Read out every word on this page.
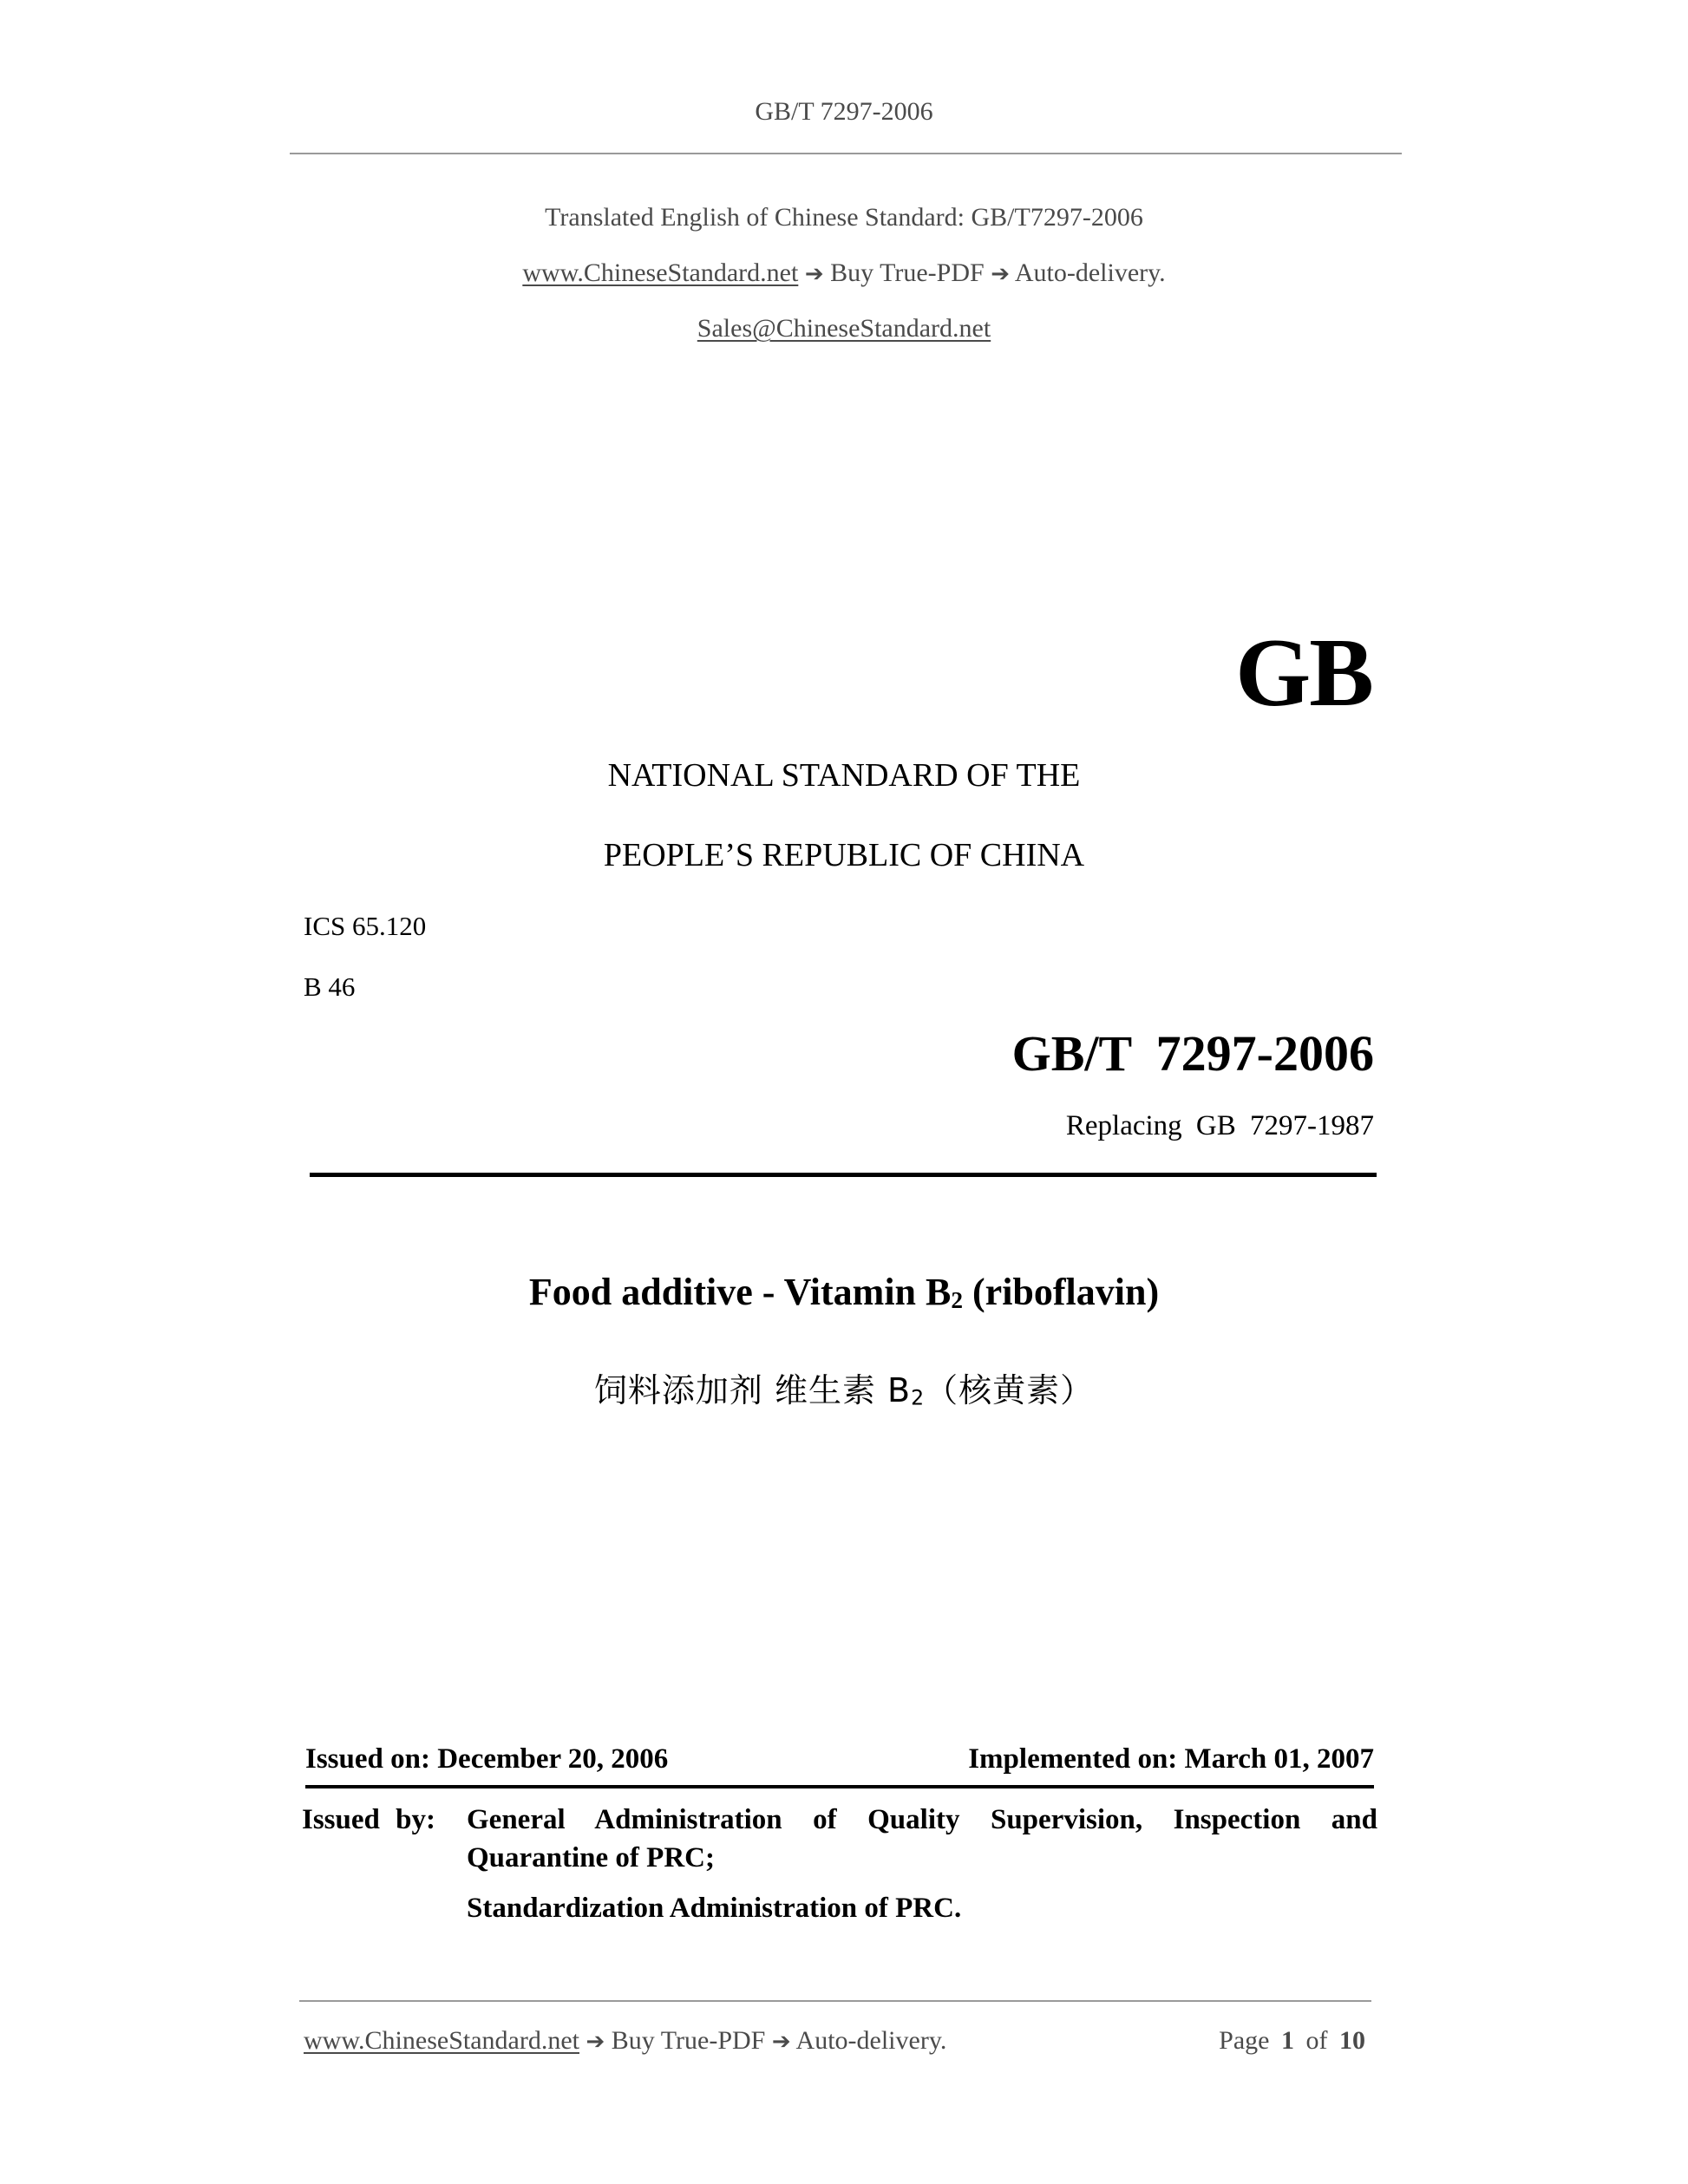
GB/T 7297-2006
Translated English of Chinese Standard: GB/T7297-2006
www.ChineseStandard.net ➔ Buy True-PDF ➔ Auto-delivery.
Sales@ChineseStandard.net
GB
NATIONAL STANDARD OF THE
PEOPLE’S REPUBLIC OF CHINA
ICS 65.120
B 46
GB/T 7297-2006
Replacing GB 7297-1987
Food additive - Vitamin $B_2$ (riboflavin)
饲料添加剂 维生素 $B_2$（核黄素）
Issued on: December 20, 2006	Implemented on: March 01, 2007
Issued by: General Administration of Quality Supervision, Inspection and
Quarantine of PRC;
Standardization Administration of PRC.
www.ChineseStandard.net ➔ Buy True-PDF ➔ Auto-delivery.	Page 1 of 10
